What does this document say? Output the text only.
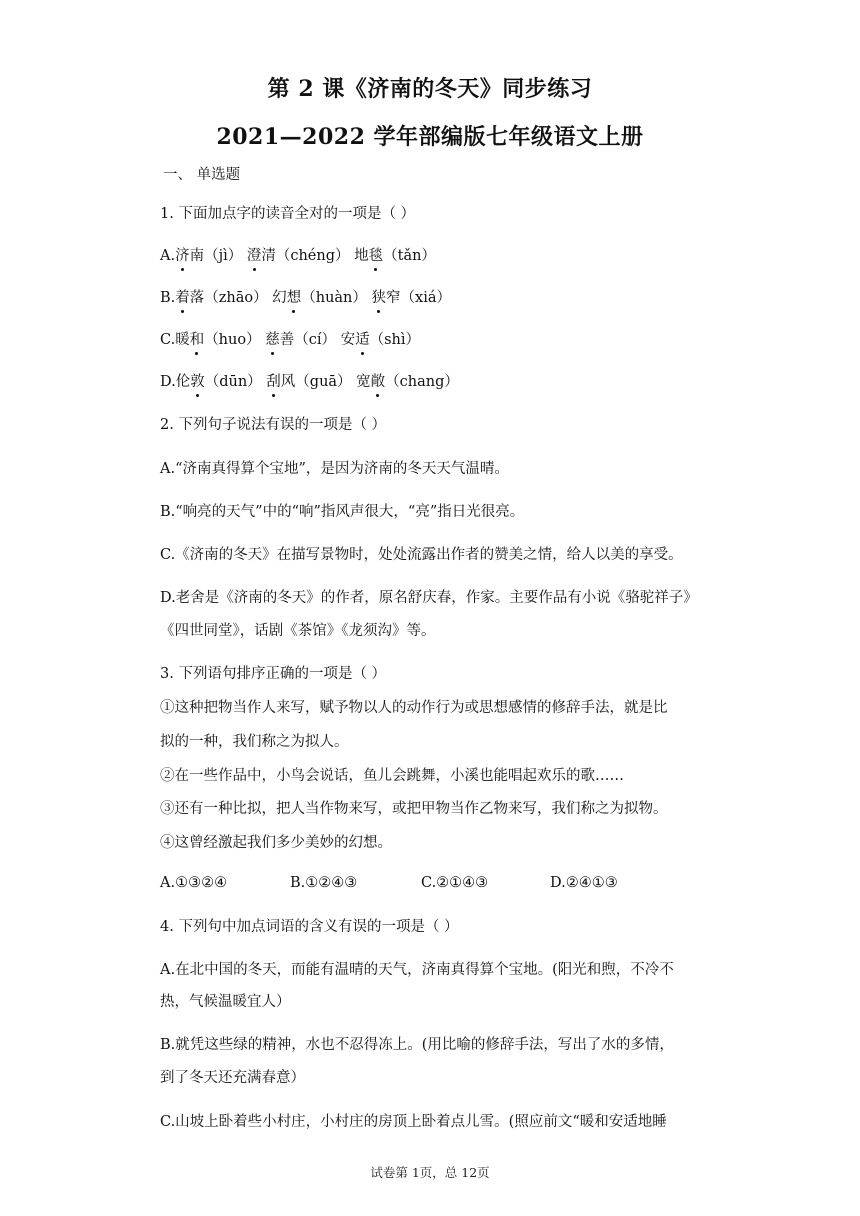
第 2 课《济南的冬天》同步练习
2021—2022 学年部编版七年级语文上册
一、 单选题
1. 下面加点字的读音全对的一项是（ ）
A.济南（jì） 澄清（chéng） 地毯（tǎn）
B.着落（zhāo） 幻想（huàn） 狭窄（xiá）
C.暖和（huo） 慈善（cí） 安适（shì）
D.伦敦（dūn） 刮风（guā） 宽敞（chang）
2. 下列句子说法有误的一项是（ ）
A.“济南真得算个宝地”，是因为济南的冬天天气温晴。
B.“响亮的天气”中的“响”指风声很大，“亮”指日光很亮。
C.《济南的冬天》在描写景物时，处处流露出作者的赞美之情，给人以美的享受。
D.老舍是《济南的冬天》的作者，原名舒庆春，作家。主要作品有小说《骆驼祥子》
《四世同堂》，话剧《茶馆》《龙须沟》等。
3. 下列语句排序正确的一项是（ ）
①这种把物当作人来写，赋予物以人的动作行为或思想感情的修辞手法，就是比
拟的一种，我们称之为拟人。
②在一些作品中，小鸟会说话，鱼儿会跳舞，小溪也能唱起欢乐的歌……
③还有一种比拟，把人当作物来写，或把甲物当作乙物来写，我们称之为拟物。
④这曾经激起我们多少美妙的幻想。
A.①③②④	B.①②④③	C.②①④③	D.②④①③
4. 下列句中加点词语的含义有误的一项是（ ）
A.在北中国的冬天，而能有温晴的天气，济南真得算个宝地。(阳光和煦，不冷不
热，气候温暖宜人）
B.就凭这些绿的精神，水也不忍得冻上。(用比喻的修辞手法，写出了水的多情，
到了冬天还充满春意）
C.山坡上卧着些小村庄，小村庄的房顶上卧着点儿雪。(照应前文“暖和安适地睡
试卷第 1页，总 12页
